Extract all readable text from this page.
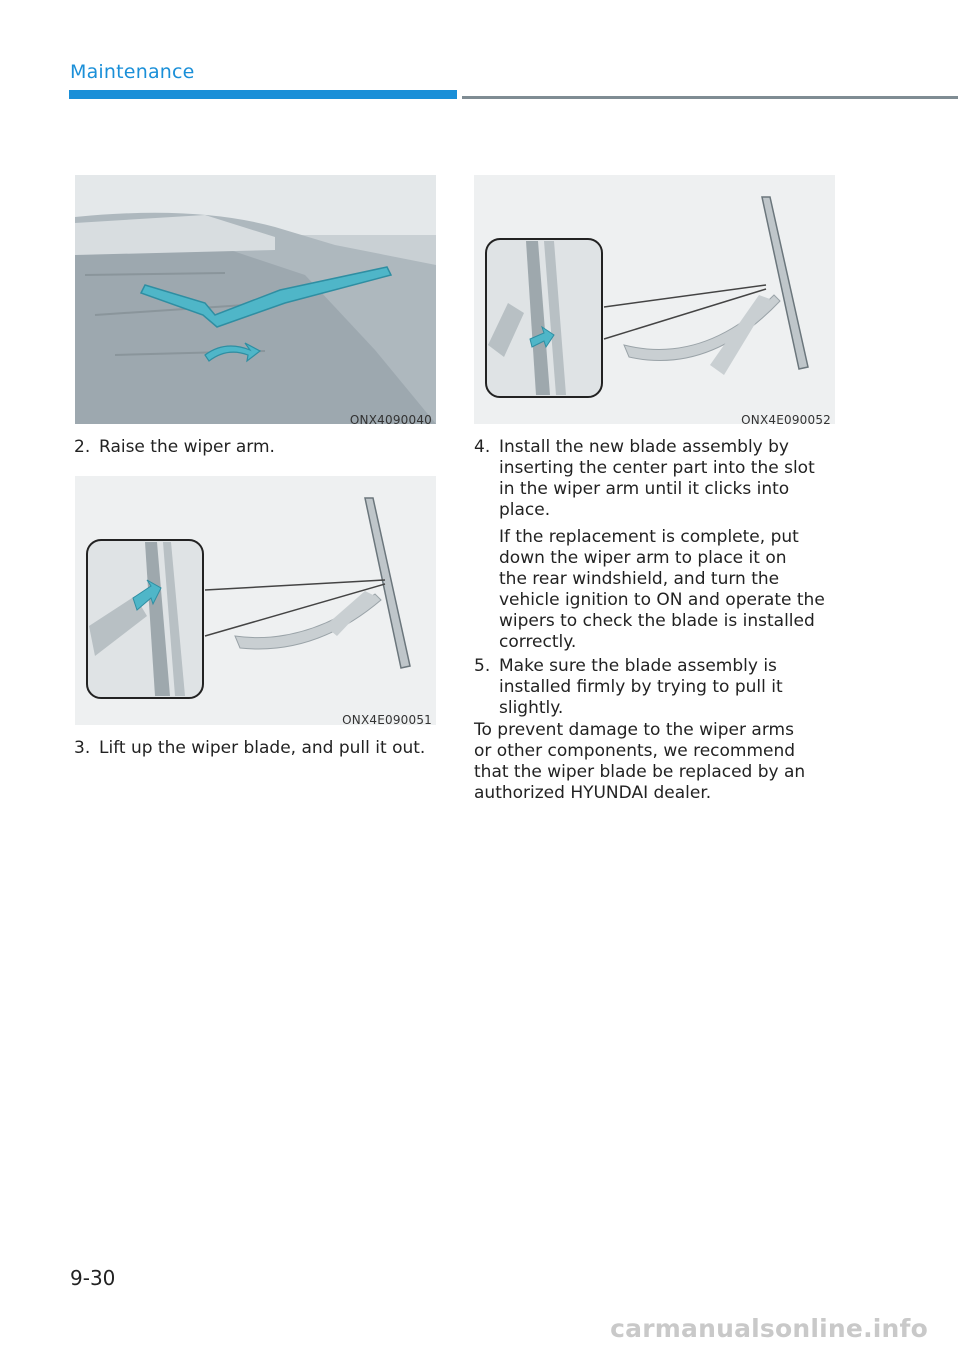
Maintenance
ONX4090040
2. Raise the wiper arm.
ONX4E090051
3. Lift up the wiper blade, and pull it out.
ONX4E090052
4. Install the new blade assembly by
inserting the center part into the slot
in the wiper arm until it clicks into
place.
If the replacement is complete, put
down the wiper arm to place it on
the rear windshield, and turn the
vehicle ignition to ON and operate the
wipers to check the blade is installed
correctly.
5. Make sure the blade assembly is
installed firmly by trying to pull it
slightly.
To prevent damage to the wiper arms
or other components, we recommend
that the wiper blade be replaced by an
authorized HYUNDAI dealer.
9-30
carmanualsonline.info
